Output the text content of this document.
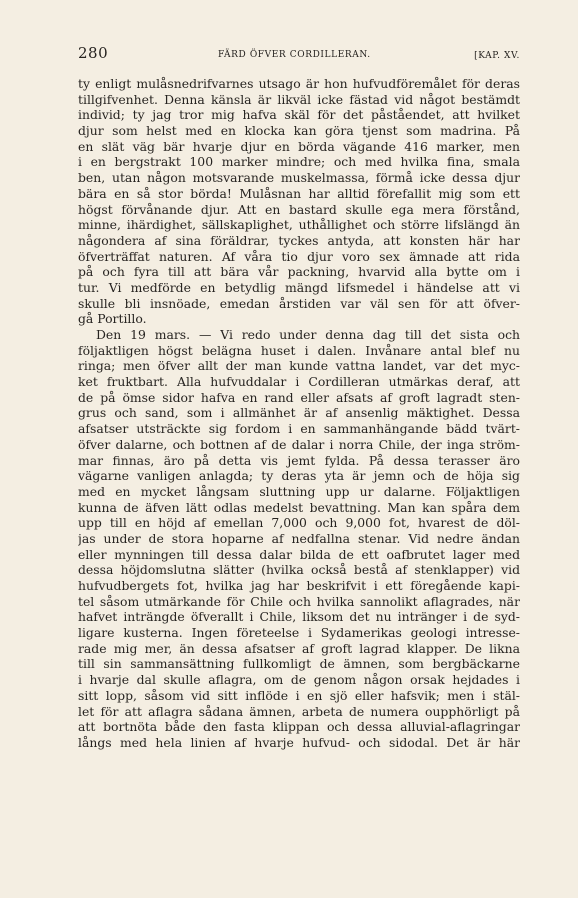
280	FÄRD ÖFVER CORDILLERAN.	[KAP. XV.
ty enligt mulåsnedrifvarnes utsago är hon hufvudföremålet för deras
tillgifvenhet. Denna känsla är likväl icke fästad vid något bestämdt
individ; ty jag tror mig hafva skäl för det påståendet, att hvilket
djur som helst med en klocka kan göra tjenst som madrina. På
en slät väg bär hvarje djur en börda vägande 416 marker, men
i en bergstrakt 100 marker mindre; och med hvilka fina, smala
ben, utan någon motsvarande muskelmassa, förmå icke dessa djur
bära en så stor börda! Mulåsnan har alltid förefallit mig som ett
högst förvånande djur. Att en bastard skulle ega mera förstånd,
minne, ihärdighet, sällskaplighet, uthållighet och större lifslängd än
någondera af sina föräldrar, tyckes antyda, att konsten här har
öfverträffat naturen. Af våra tio djur voro sex ämnade att rida
på och fyra till att bära vår packning, hvarvid alla bytte om i
tur. Vi medförde en betydlig mängd lifsmedel i händelse att vi
skulle bli insnöade, emedan årstiden var väl sen för att öfver-
gå Portillo.
Den 19 mars. — Vi redo under denna dag till det sista och
följaktligen högst belägna huset i dalen. Invånare antal blef nu
ringa; men öfver allt der man kunde vattna landet, var det myc-
ket fruktbart. Alla hufvuddalar i Cordilleran utmärkas deraf, att
de på ömse sidor hafva en rand eller afsats af groft lagradt sten-
grus och sand, som i allmänhet är af ansenlig mäktighet. Dessa
afsatser utsträckte sig fordom i en sammanhängande bädd tvärt-
öfver dalarne, och bottnen af de dalar i norra Chile, der inga ström-
mar finnas, äro på detta vis jemt fylda. På dessa terasser äro
vägarne vanligen anlagda; ty deras yta är jemn och de höja sig
med en mycket långsam sluttning upp ur dalarne. Följaktligen
kunna de äfven lätt odlas medelst bevattning. Man kan spåra dem
upp till en höjd af emellan 7,000 och 9,000 fot, hvarest de döl-
jas under de stora hoparne af nedfallna stenar. Vid nedre ändan
eller mynningen till dessa dalar bilda de ett oafbrutet lager med
dessa höjdomslutna slätter (hvilka också bestå af stenklapper) vid
hufvudbergets fot, hvilka jag har beskrifvit i ett föregående kapi-
tel såsom utmärkande för Chile och hvilka sannolikt aflagrades, när
hafvet inträngde öfverallt i Chile, liksom det nu intränger i de syd-
ligare kusterna. Ingen företeelse i Sydamerikas geologi intresse-
rade mig mer, än dessa afsatser af groft lagrad klapper. De likna
till sin sammansättning fullkomligt de ämnen, som bergbäckarne
i hvarje dal skulle aflagra, om de genom någon orsak hejdades i
sitt lopp, såsom vid sitt inflöde i en sjö eller hafsvik; men i stäl-
let för att aflagra sådana ämnen, arbeta de numera oupphörligt på
att bortnöta både den fasta klippan och dessa alluvial-aflagringar
långs med hela linien af hvarje hufvud- och sidodal. Det är här
